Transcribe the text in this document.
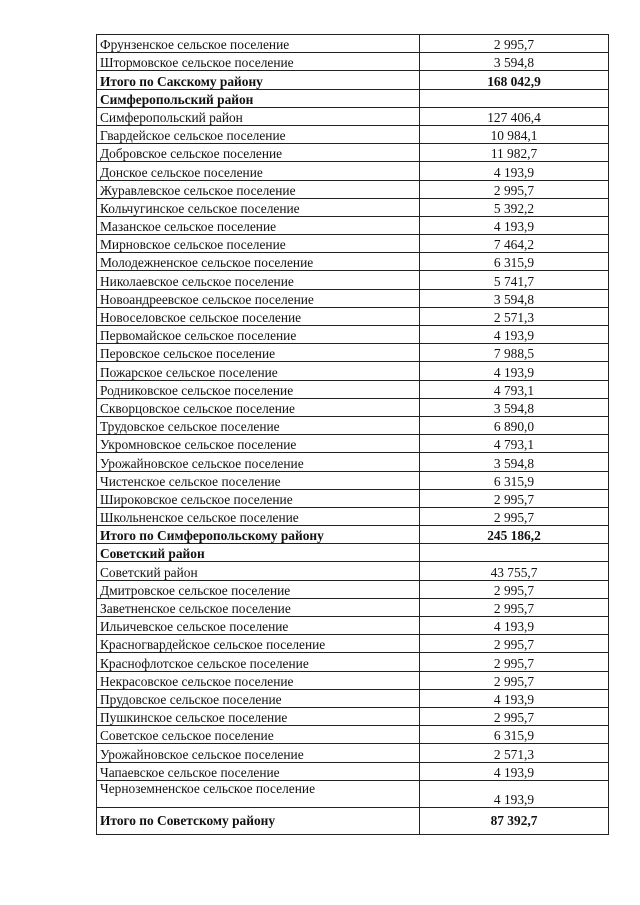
Фрунзенское сельское поселение	2 995,7
Штормовское сельское поселение	3 594,8
Итого по Сакскому району	168 042,9
Симферопольский район	
Симферопольский район	127 406,4
Гвардейское сельское поселение	10 984,1
Добровское сельское поселение	11 982,7
Донское сельское поселение	4 193,9
Журавлевское сельское поселение	2 995,7
Кольчугинское сельское поселение	5 392,2
Мазанское сельское поселение	4 193,9
Мирновское сельское поселение	7 464,2
Молодежненское сельское поселение	6 315,9
Николаевское сельское поселение	5 741,7
Новоандреевское сельское поселение	3 594,8
Новоселовское сельское поселение	2 571,3
Первомайское сельское поселение	4 193,9
Перовское сельское поселение	7 988,5
Пожарское сельское поселение	4 193,9
Родниковское сельское поселение	4 793,1
Скворцовское сельское поселение	3 594,8
Трудовское сельское поселение	6 890,0
Укромновское сельское поселение	4 793,1
Урожайновское сельское поселение	3 594,8
Чистенское сельское поселение	6 315,9
Широковское сельское поселение	2 995,7
Школьненское сельское поселение	2 995,7
Итого по Симферопольскому району	245 186,2
Советский район	
Советский район	43 755,7
Дмитровское сельское поселение	2 995,7
Заветненское сельское поселение	2 995,7
Ильичевское сельское поселение	4 193,9
Красногвардейское сельское поселение	2 995,7
Краснофлотское сельское поселение	2 995,7
Некрасовское сельское поселение	2 995,7
Прудовское сельское поселение	4 193,9
Пушкинское сельское поселение	2 995,7
Советское сельское поселение	6 315,9
Урожайновское сельское поселение	2 571,3
Чапаевское сельское поселение	4 193,9
Черноземненское сельское поселение	4 193,9
Итого по Советскому району	87 392,7
